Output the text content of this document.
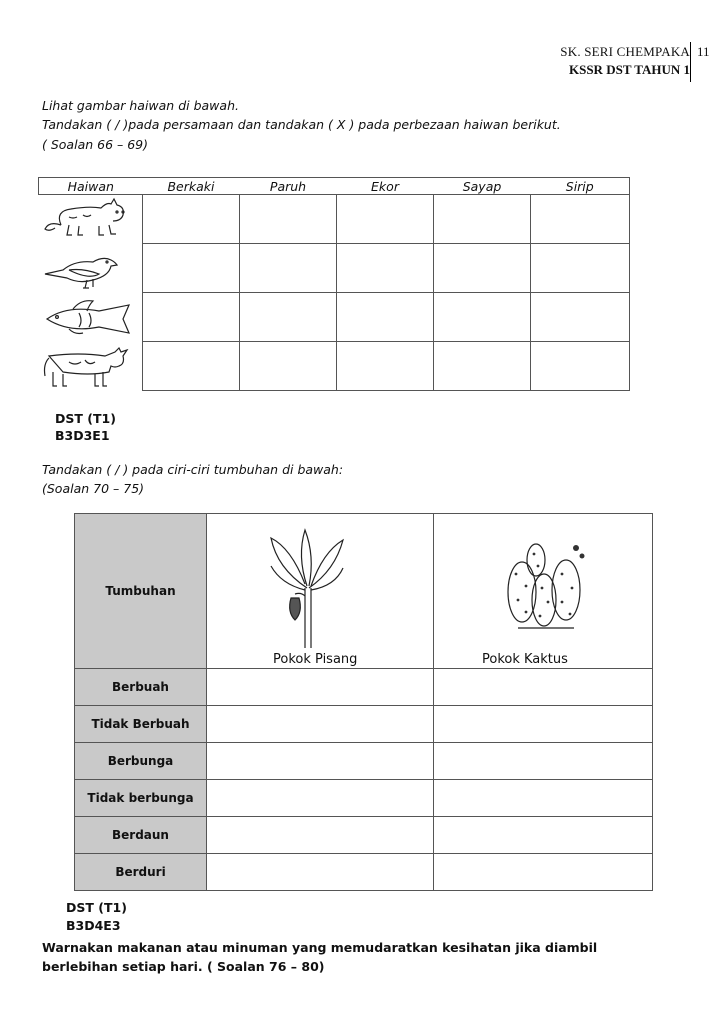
SK. SERI CHEMPAKA
KSSR DST TAHUN 1
11
Lihat gambar haiwan di bawah.
Tandakan ( / )pada persamaan dan tandakan ( X ) pada perbezaan haiwan berikut.
( Soalan 66 – 69)
Haiwan	Berkaki	Paruh	Ekor	Sayap	Sirip

DST (T1)
B3D3E1
Tandakan ( / ) pada ciri-ciri tumbuhan di bawah:
(Soalan 70 – 75)
Tumbuhan	Pokok Pisang	Pokok Kaktus

Berbuah		
Tidak Berbuah		
Berbunga		
Tidak berbunga		
Berdaun		
Berduri		
DST (T1)
B3D4E3
Warnakan makanan atau minuman yang memudaratkan kesihatan jika diambil
berlebihan setiap hari. ( Soalan 76 – 80)
